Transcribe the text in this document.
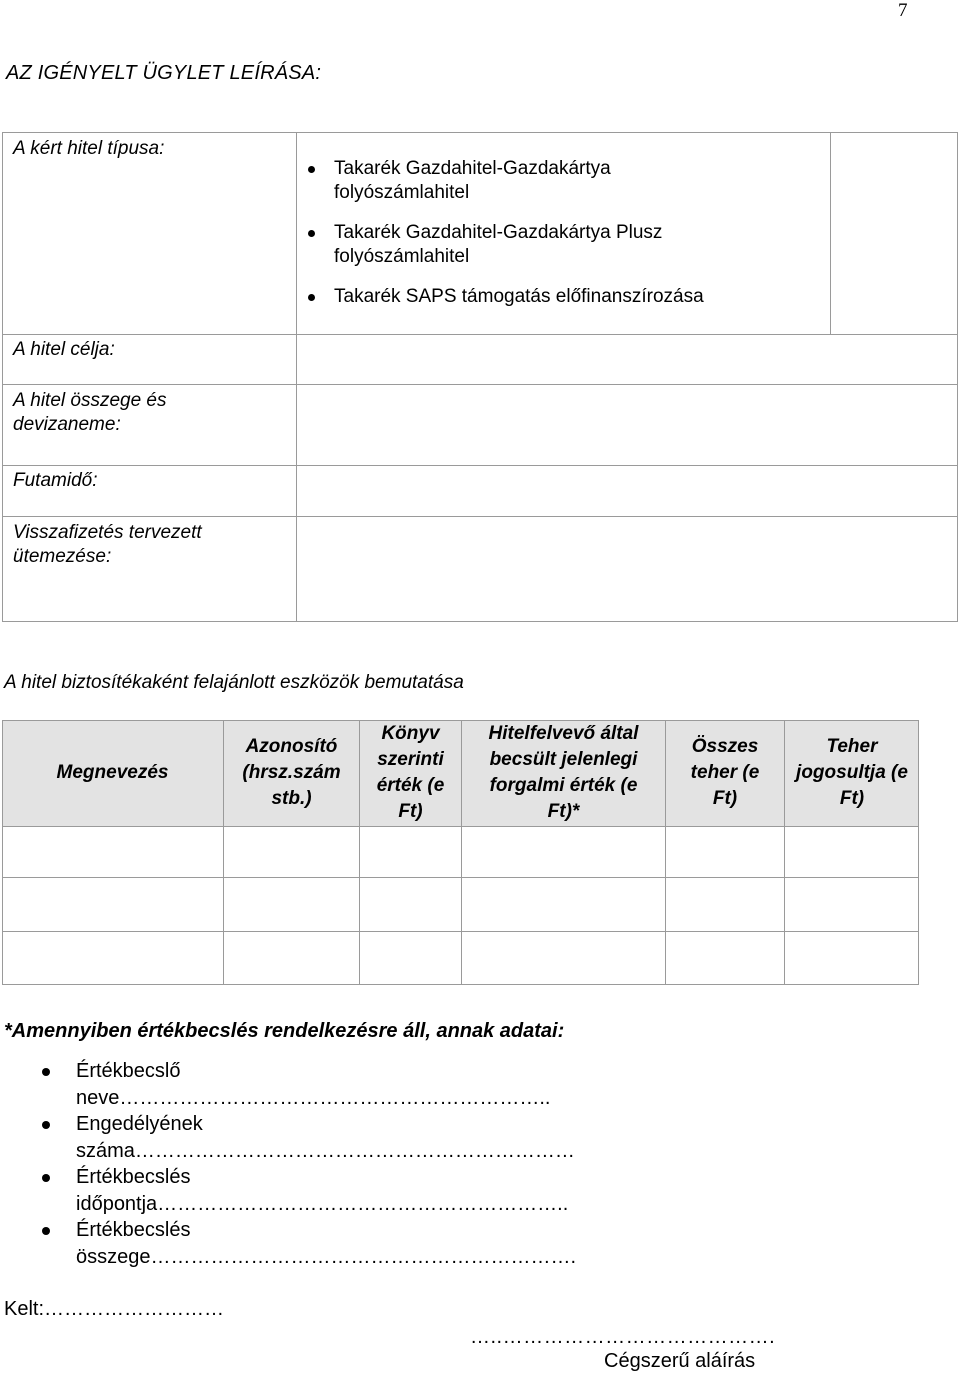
7
AZ IGÉNYELT ÜGYLET LEÍRÁSA:
A kért hitel típusa:
A hitel célja:
A hitel összege és devizaneme:
Futamidő:
Visszafizetés tervezett ütemezése:
Takarék Gazdahitel-Gazdakártya
folyószámlahitel
Takarék Gazdahitel-Gazdakártya Plusz
folyószámlahitel
Takarék SAPS támogatás előfinanszírozása
A hitel biztosítékaként felajánlott eszközök bemutatása
Megnevezés
Azonosító (hrsz.szám stb.)
Könyv szerinti érték (e Ft)
Hitelfelvevő által becsült jelenlegi forgalmi érték (e Ft)*
Összes teher (e Ft)
Teher jogosultja (e Ft)
*Amennyiben értékbecslés rendelkezésre áll, annak adatai:
Értékbecslő
neve………………………………………………………..
Engedélyének
száma…………………………………………………………
Értékbecslés
időpontja……………………………………………………..
Értékbecslés
összege……………………………………………………….
Kelt:………………………
…..………………………………….
Cégszerű aláírás
